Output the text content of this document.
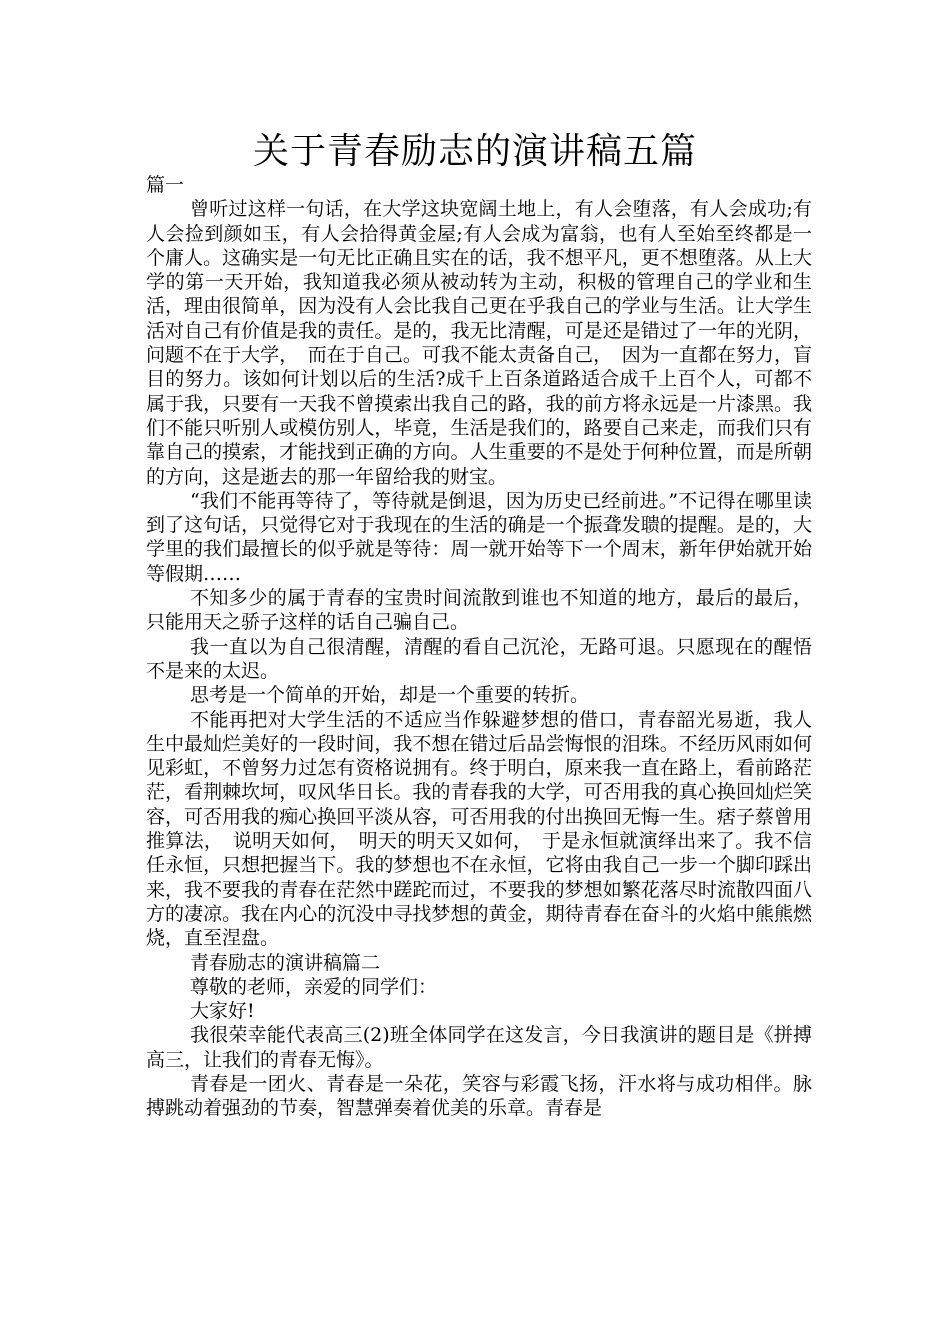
关于青春励志的演讲稿五篇

篇一

曾听过这样一句话，在大学这块宽阔土地上，有人会堕落，有人会成功;有人会捡到颜如玉，有人会拾得黄金屋;有人会成为富翁，也有人至始至终都是一个庸人。这确实是一句无比正确且实在的话，我不想平凡，更不想堕落。从上大学的第一天开始，我知道我必须从被动转为主动，积极的管理自己的学业和生活，理由很简单，因为没有人会比我自己更在乎我自己的学业与生活。让大学生活对自己有价值是我的责任。是的，我无比清醒，可是还是错过了一年的光阴，问题不在于大学，　而在于自己。可我不能太责备自己，　因为一直都在努力，盲目的努力。该如何计划以后的生活?成千上百条道路适合成千上百个人，可都不属于我，只要有一天我不曾摸索出我自己的路，我的前方将永远是一片漆黑。我们不能只听别人或模仿别人，毕竟，生活是我们的，路要自己来走，而我们只有靠自己的摸索，才能找到正确的方向。人生重要的不是处于何种位置，而是所朝的方向，这是逝去的那一年留给我的财宝。

“我们不能再等待了，等待就是倒退，因为历史已经前进。”不记得在哪里读到了这句话，只觉得它对于我现在的生活的确是一个振聋发聩的提醒。是的，大学里的我们最擅长的似乎就是等待：周一就开始等下一个周末，新年伊始就开始等假期……

不知多少的属于青春的宝贵时间流散到谁也不知道的地方，最后的最后，只能用天之骄子这样的话自己骗自己。

我一直以为自己很清醒，清醒的看自己沉沦，无路可退。只愿现在的醒悟不是来的太迟。

思考是一个简单的开始，却是一个重要的转折。

不能再把对大学生活的不适应当作躲避梦想的借口，青春韶光易逝，我人生中最灿烂美好的一段时间，我不想在错过后品尝悔恨的泪珠。不经历风雨如何见彩虹，不曾努力过怎有资格说拥有。终于明白，原来我一直在路上，看前路茫茫，看荆棘坎坷，叹风华日长。我的青春我的大学，可否用我的真心换回灿烂笑容，可否用我的痴心换回平淡从容，可否用我的付出换回无悔一生。痞子蔡曾用推算法，　说明天如何，　明天的明天又如何，　于是永恒就演绎出来了。我不信任永恒，只想把握当下。我的梦想也不在永恒，它将由我自己一步一个脚印踩出来，我不要我的青春在茫然中蹉跎而过，不要我的梦想如繁花落尽时流散四面八方的凄凉。我在内心的沉没中寻找梦想的黄金，期待青春在奋斗的火焰中熊熊燃烧，直至涅盘。

青春励志的演讲稿篇二

尊敬的老师，亲爱的同学们：

大家好!

我很荣幸能代表高三(2)班全体同学在这发言，今日我演讲的题目是《拼搏高三，让我们的青春无悔》。

青春是一团火、青春是一朵花，笑容与彩霞飞扬，汗水将与成功相伴。脉搏跳动着强劲的节奏，智慧弹奏着优美的乐章。青春是
